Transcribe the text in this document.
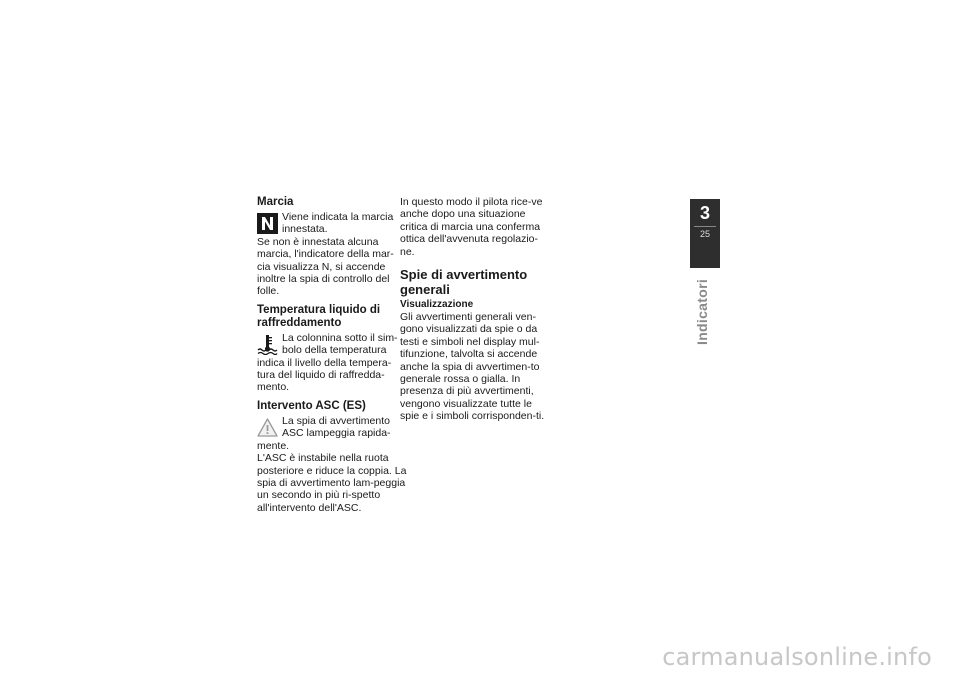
Marcia

Viene indicata la marcia innestata.

Se non è innestata alcuna marcia, l'indicatore della mar-cia visualizza N, si accende inoltre la spia di controllo del folle.

Temperatura liquido di raffreddamento

La colonnina sotto il sim-bolo della temperatura

indica il livello della tempera-tura del liquido di raffredda-mento.

Intervento ASC (ES)

La spia di avvertimento ASC lampeggia rapida-

mente.

L'ASC è instabile nella ruota posteriore e riduce la coppia. La spia di avvertimento lam-peggia un secondo in più ri-spetto all'intervento dell'ASC.

In questo modo il pilota rice-ve anche dopo una situazione critica di marcia una conferma ottica dell'avvenuta regolazio-ne.

Spie di avvertimento generali
Visualizzazione

Gli avvertimenti generali ven-gono visualizzati da spie o da testi e simboli nel display mul-tifunzione, talvolta si accende anche la spia di avvertimen-to generale rossa o gialla. In presenza di più avvertimenti, vengono visualizzate tutte le spie e i simboli corrisponden-ti.

3
25
Indicatori
carmanualsonline.info
